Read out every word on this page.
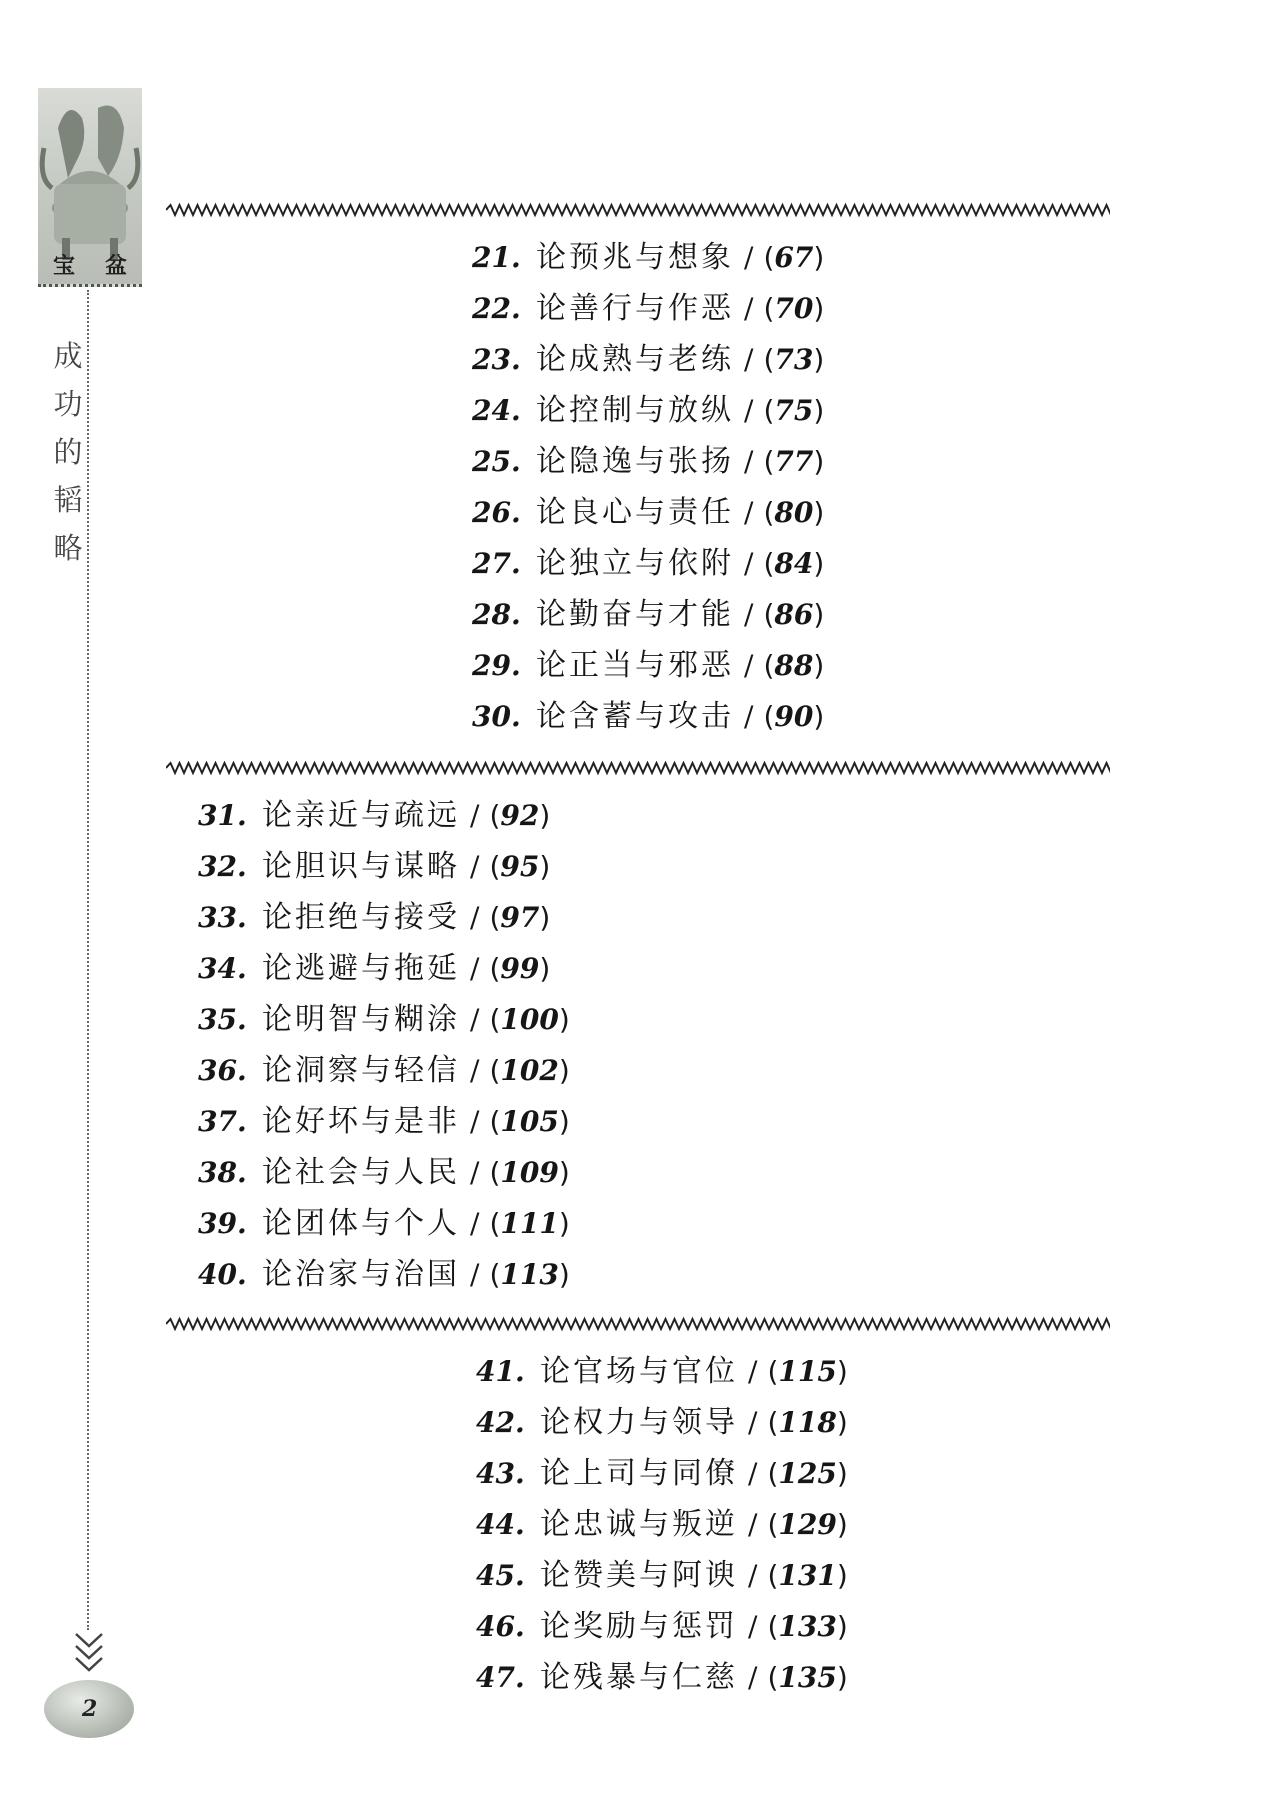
宝 盆
成
功
的
韬
略
2
21. 论预兆与想象 / ( 67 )
22. 论善行与作恶 / ( 70 )
23. 论成熟与老练 / ( 73 )
24. 论控制与放纵 / ( 75 )
25. 论隐逸与张扬 / ( 77 )
26. 论良心与责任 / ( 80 )
27. 论独立与依附 / ( 84 )
28. 论勤奋与才能 / ( 86 )
29. 论正当与邪恶 / ( 88 )
30. 论含蓄与攻击 / ( 90 )
31. 论亲近与疏远 / ( 92 )
32. 论胆识与谋略 / ( 95 )
33. 论拒绝与接受 / ( 97 )
34. 论逃避与拖延 / ( 99 )
35. 论明智与糊涂 / ( 100 )
36. 论洞察与轻信 / ( 102 )
37. 论好坏与是非 / ( 105 )
38. 论社会与人民 / ( 109 )
39. 论团体与个人 / ( 111 )
40. 论治家与治国 / ( 113 )
41. 论官场与官位 / ( 115 )
42. 论权力与领导 / ( 118 )
43. 论上司与同僚 / ( 125 )
44. 论忠诚与叛逆 / ( 129 )
45. 论赞美与阿谀 / ( 131 )
46. 论奖励与惩罚 / ( 133 )
47. 论残暴与仁慈 / ( 135 )
